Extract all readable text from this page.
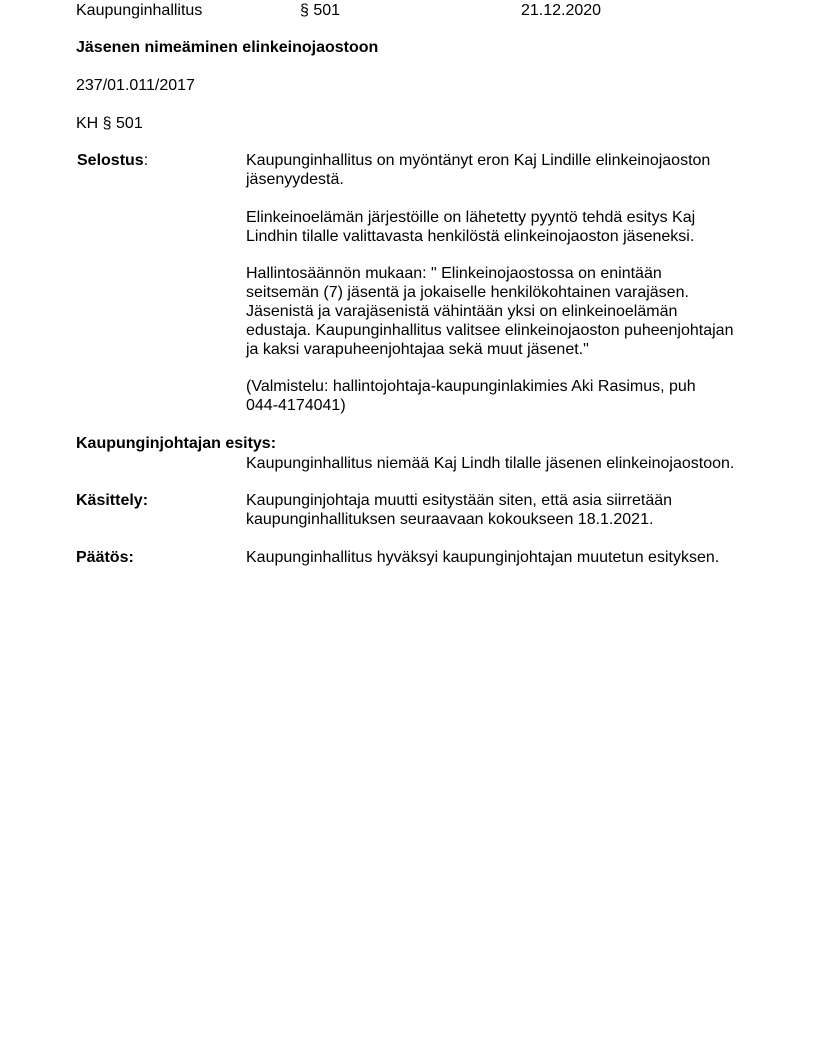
Kaupunginhallitus	§ 501	21.12.2020
Jäsenen nimeäminen elinkeinojaostoon
237/01.011/2017
KH § 501
Selostus:	Kaupunginhallitus on myöntänyt eron Kaj Lindille elinkeinojaoston
jäsenyydestä.
Elinkeinoelämän järjestöille on lähetetty pyyntö tehdä esitys Kaj
Lindhin tilalle valittavasta henkilöstä elinkeinojaoston jäseneksi.
Hallintosäännön mukaan: " Elinkeinojaostossa on enintään
seitsemän (7) jäsentä ja jokaiselle henkilökohtainen varajäsen.
Jäsenistä ja varajäsenistä vähintään yksi on elinkeinoelämän
edustaja. Kaupunginhallitus valitsee elinkeinojaoston puheenjohtajan
ja kaksi varapuheenjohtajaa sekä muut jäsenet."
(Valmistelu: hallintojohtaja-kaupunginlakimies Aki Rasimus, puh
044-4174041)
Kaupunginjohtajan esitys:
Kaupunginhallitus niemää Kaj Lindh tilalle jäsenen elinkeinojaostoon.
Käsittely:	Kaupunginjohtaja muutti esitystään siten, että asia siirretään
kaupunginhallituksen seuraavaan kokoukseen 18.1.2021.
Päätös:	Kaupunginhallitus hyväksyi kaupunginjohtajan muutetun esityksen.
